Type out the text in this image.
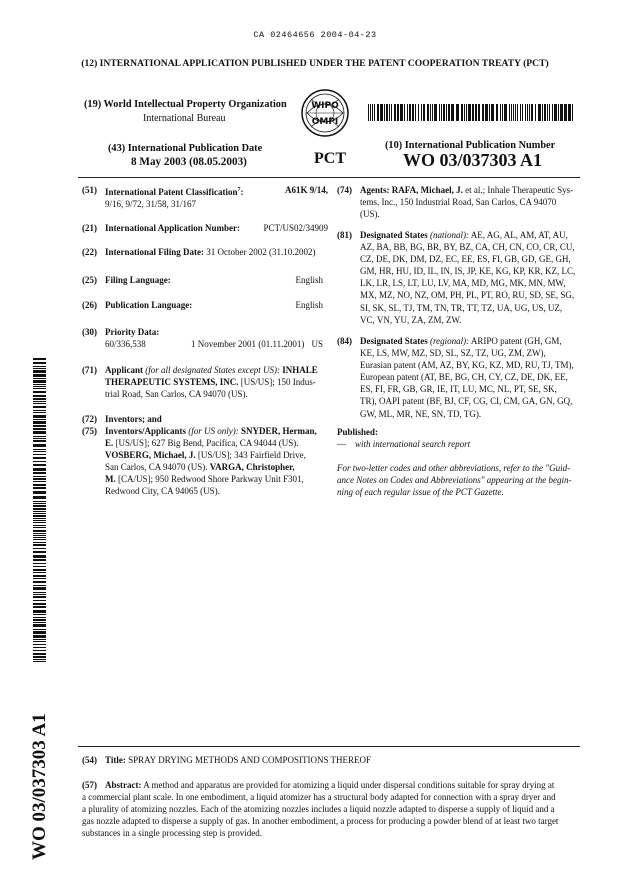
CA 02464656 2004-04-23
(12) INTERNATIONAL APPLICATION PUBLISHED UNDER THE PATENT COOPERATION TREATY (PCT)
(19) World Intellectual Property Organization
International Bureau
WIPO
OMPI
(43) International Publication Date
8 May 2003 (08.05.2003)	PCT
(10) International Publication Number
WO 03/037303 A1
(51) International Patent Classification$^7$:	A61K 9/14,
9/16, 9/72, 31/58, 31/167
(21) International Application Number:	PCT/US02/34909
(22) International Filing Date: 31 October 2002 (31.10.2002)
(25) Filing Language:	English
(26) Publication Language:	English
(30) Priority Data:
60/336,538	1 November 2001 (01.11.2001) US

(71) Applicant (for all designated States except US): INHALE
THERAPEUTIC SYSTEMS, INC. [US/US]; 150 Indus-
trial Road, San Carlos, CA 94070 (US).
(72) Inventors; and
(75) Inventors/Applicants (for US only): SNYDER, Herman,
E. [US/US]; 627 Big Bend, Pacifica, CA 94044 (US).
VOSBERG, Michael, J. [US/US]; 343 Fairfield Drive,
San Carlos, CA 94070 (US). VARGA, Christopher,
M. [CA/US]; 950 Redwood Shore Parkway Unit F301,
Redwood City, CA 94065 (US).
(74) Agents: RAFA, Michael, J. et al.; Inhale Therapeutic Sys-
tems, Inc., 150 Industrial Road, San Carlos, CA 94070
(US).
(81) Designated States (national): AE, AG, AL, AM, AT, AU,
AZ, BA, BB, BG, BR, BY, BZ, CA, CH, CN, CO, CR, CU,
CZ, DE, DK, DM, DZ, EC, EE, ES, FI, GB, GD, GE, GH,
GM, HR, HU, ID, IL, IN, IS, JP, KE, KG, KP, KR, KZ, LC,
LK, LR, LS, LT, LU, LV, MA, MD, MG, MK, MN, MW,
MX, MZ, NO, NZ, OM, PH, PL, PT, RO, RU, SD, SE, SG,
SI, SK, SL, TJ, TM, TN, TR, TT, TZ, UA, UG, US, UZ,
VC, VN, YU, ZA, ZM, ZW.
(84) Designated States (regional): ARIPO patent (GH, GM,
KE, LS, MW, MZ, SD, SL, SZ, TZ, UG, ZM, ZW),
Eurasian patent (AM, AZ, BY, KG, KZ, MD, RU, TJ, TM),
European patent (AT, BE, BG, CH, CY, CZ, DE, DK, EE,
ES, FI, FR, GB, GR, IE, IT, LU, MC, NL, PT, SE, SK,
TR), OAPI patent (BF, BJ, CF, CG, CI, CM, GA, GN, GQ,
GW, ML, MR, NE, SN, TD, TG).
Published:
— with international search report
For two-letter codes and other abbreviations, refer to the "Guid-
ance Notes on Codes and Abbreviations" appearing at the begin-
ning of each regular issue of the PCT Gazette.
WO 03/037303 A1	(54) Title: SPRAY DRYING METHODS AND COMPOSITIONS THEREOF
(57) Abstract: A method and apparatus are provided for atomizing a liquid under dispersal conditions suitable for spray drying at
a commercial plant scale. In one embodiment, a liquid atomizer has a structural body adapted for connection with a spray dryer and
a plurality of atomizing nozzles. Each of the atomizing nozzles includes a liquid nozzle adapted to disperse a supply of liquid and a
gas nozzle adapted to disperse a supply of gas. In another embodiment, a process for producing a powder blend of at least two target
substances in a single processing step is provided.
